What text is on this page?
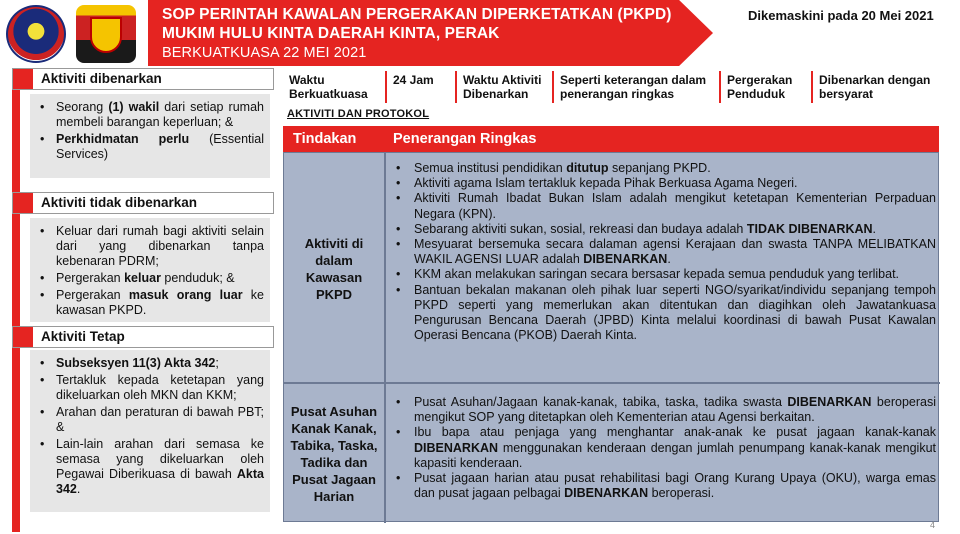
SOP PERINTAH KAWALAN PERGERAKAN DIPERKETATKAN (PKPD)
MUKIM HULU KINTA DAERAH KINTA, PERAK
BERKUATKUASA 22 MEI 2021
Dikemaskini pada 20 Mei 2021
Aktiviti dibenarkan
• Seorang (1) wakil dari setiap rumah membeli barangan keperluan; &
• Perkhidmatan perlu (Essential Services)
Aktiviti tidak dibenarkan
• Keluar dari rumah bagi aktiviti selain dari yang dibenarkan tanpa kebenaran PDRM;
• Pergerakan keluar penduduk; &
• Pergerakan masuk orang luar ke kawasan PKPD.
Aktiviti Tetap
• Subseksyen 11(3) Akta 342;
• Tertakluk kepada ketetapan yang dikeluarkan oleh MKN dan KKM;
• Arahan dan peraturan di bawah PBT; &
• Lain-lain arahan dari semasa ke semasa yang dikeluarkan oleh Pegawai Diberikuasa di bawah Akta 342.
Waktu Berkuatkuasa
24 Jam	Waktu Aktiviti Dibenarkan
Seperti keterangan dalam penerangan ringkas
Pergerakan Penduduk
Dibenarkan dengan bersyarat
AKTIVITI DAN PROTOKOL
Tindakan	Penerangan Ringkas
Aktiviti di dalam Kawasan PKPD
• Semua institusi pendidikan ditutup sepanjang PKPD.
• Aktiviti agama Islam tertakluk kepada Pihak Berkuasa Agama Negeri.
• Aktiviti Rumah Ibadat Bukan Islam adalah mengikut ketetapan Kementerian Perpaduan Negara (KPN).
• Sebarang aktiviti sukan, sosial, rekreasi dan budaya adalah TIDAK DIBENARKAN.
• Mesyuarat bersemuka secara dalaman agensi Kerajaan dan swasta TANPA MELIBATKAN WAKIL AGENSI LUAR adalah DIBENARKAN.
• KKM akan melakukan saringan secara bersasar kepada semua penduduk yang terlibat.
• Bantuan bekalan makanan oleh pihak luar seperti NGO/syarikat/individu sepanjang tempoh PKPD seperti yang memerlukan akan ditentukan dan diagihkan oleh Jawatankuasa Pengurusan Bencana Daerah (JPBD) Kinta melalui koordinasi di bawah Pusat Kawalan Operasi Bencana (PKOB) Daerah Kinta.
Pusat Asuhan Kanak Kanak, Tabika, Taska, Tadika dan Pusat Jagaan Harian
• Pusat Asuhan/Jagaan kanak-kanak, tabika, taska, tadika swasta DIBENARKAN beroperasi mengikut SOP yang ditetapkan oleh Kementerian atau Agensi berkaitan.
• Ibu bapa atau penjaga yang menghantar anak-anak ke pusat jagaan kanak-kanak DIBENARKAN menggunakan kenderaan dengan jumlah penumpang kanak-kanak mengikut kapasiti kenderaan.
• Pusat jagaan harian atau pusat rehabilitasi bagi Orang Kurang Upaya (OKU), warga emas dan pusat jagaan pelbagai DIBENARKAN beroperasi.
4
